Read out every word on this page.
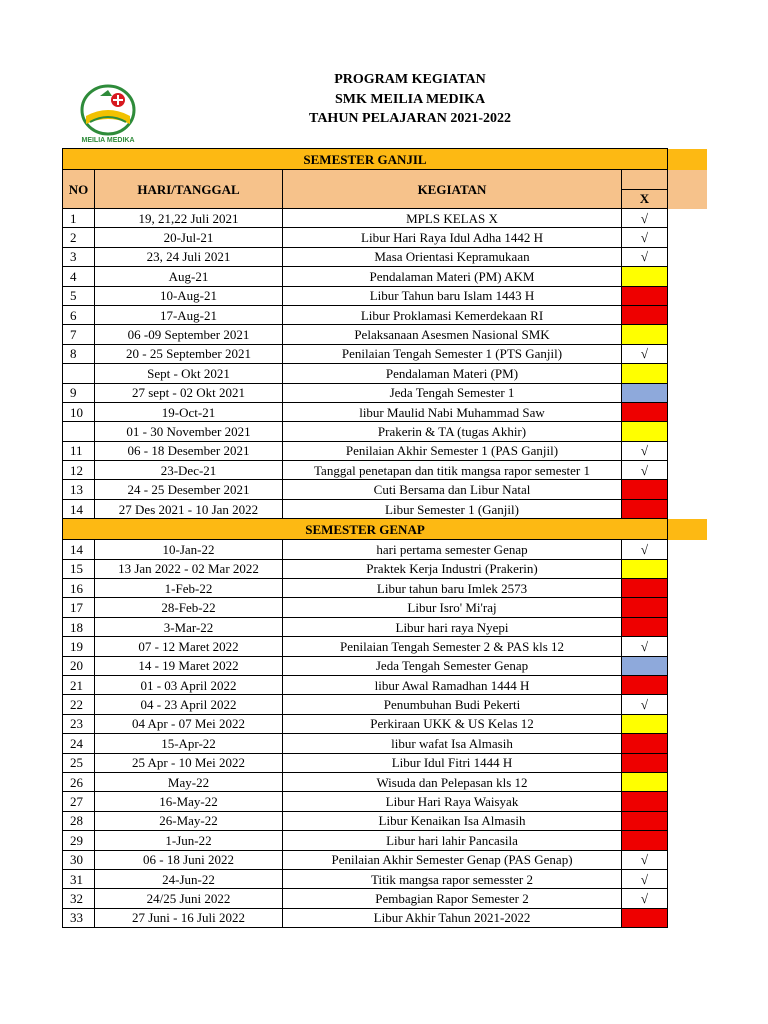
MEILIA MEDIKA
PROGRAM KEGIATAN
SMK MEILIA MEDIKA
TAHUN PELAJARAN 2021-2022
SEMESTER GANJIL				
NO	HARI/TANGGAL	KEGIATAN		
			X	
1	19, 21,22 Juli 2021	MPLS KELAS X	√	
2	20-Jul-21	Libur Hari Raya Idul Adha 1442 H	√	
3	23, 24 Juli 2021	Masa Orientasi Kepramukaan	√	
4	Aug-21	Pendalaman Materi (PM) AKM		
5	10-Aug-21	Libur Tahun baru Islam 1443 H		
6	17-Aug-21	Libur Proklamasi Kemerdekaan RI		
7	06 -09 September 2021	Pelaksanaan Asesmen Nasional SMK		
8	20 - 25 September 2021	Penilaian Tengah Semester 1 (PTS Ganjil)	√	
	Sept - Okt 2021	Pendalaman Materi (PM)		
9	27 sept - 02 Okt 2021	Jeda Tengah Semester 1		
10	19-Oct-21	libur Maulid Nabi Muhammad Saw		
	01 - 30 November 2021	Prakerin & TA (tugas Akhir)		
11	06 - 18 Desember 2021	Penilaian Akhir Semester 1 (PAS Ganjil)	√	
12	23-Dec-21	Tanggal penetapan dan titik mangsa rapor semester 1	√	
13	24 - 25 Desember 2021	Cuti Bersama dan Libur Natal		
14	27 Des 2021 - 10 Jan 2022	Libur Semester 1 (Ganjil)		
SEMESTER GENAP				
14	10-Jan-22	hari pertama semester Genap	√	
15	13 Jan 2022 - 02 Mar 2022	Praktek Kerja Industri (Prakerin)		
16	1-Feb-22	Libur tahun baru Imlek 2573		
17	28-Feb-22	Libur Isro' Mi'raj		
18	3-Mar-22	Libur hari raya Nyepi		
19	07 - 12 Maret 2022	Penilaian Tengah Semester 2 & PAS kls 12	√	
20	14 - 19 Maret 2022	Jeda Tengah Semester Genap		
21	01 - 03 April 2022	libur Awal Ramadhan 1444 H		
22	04 - 23 April 2022	Penumbuhan Budi Pekerti	√	
23	04 Apr - 07 Mei 2022	Perkiraan UKK & US Kelas 12		
24	15-Apr-22	libur wafat Isa Almasih		
25	25 Apr - 10 Mei 2022	Libur Idul Fitri 1444 H		
26	May-22	Wisuda dan Pelepasan kls 12		
27	16-May-22	Libur Hari Raya Waisyak		
28	26-May-22	Libur Kenaikan Isa Almasih		
29	1-Jun-22	Libur hari lahir Pancasila		
30	06 - 18 Juni 2022	Penilaian Akhir Semester Genap (PAS Genap)	√	
31	24-Jun-22	Titik mangsa rapor semesster 2	√	
32	24/25 Juni 2022	Pembagian Rapor Semester 2	√	
33	27 Juni - 16 Juli 2022	Libur Akhir Tahun 2021-2022		
